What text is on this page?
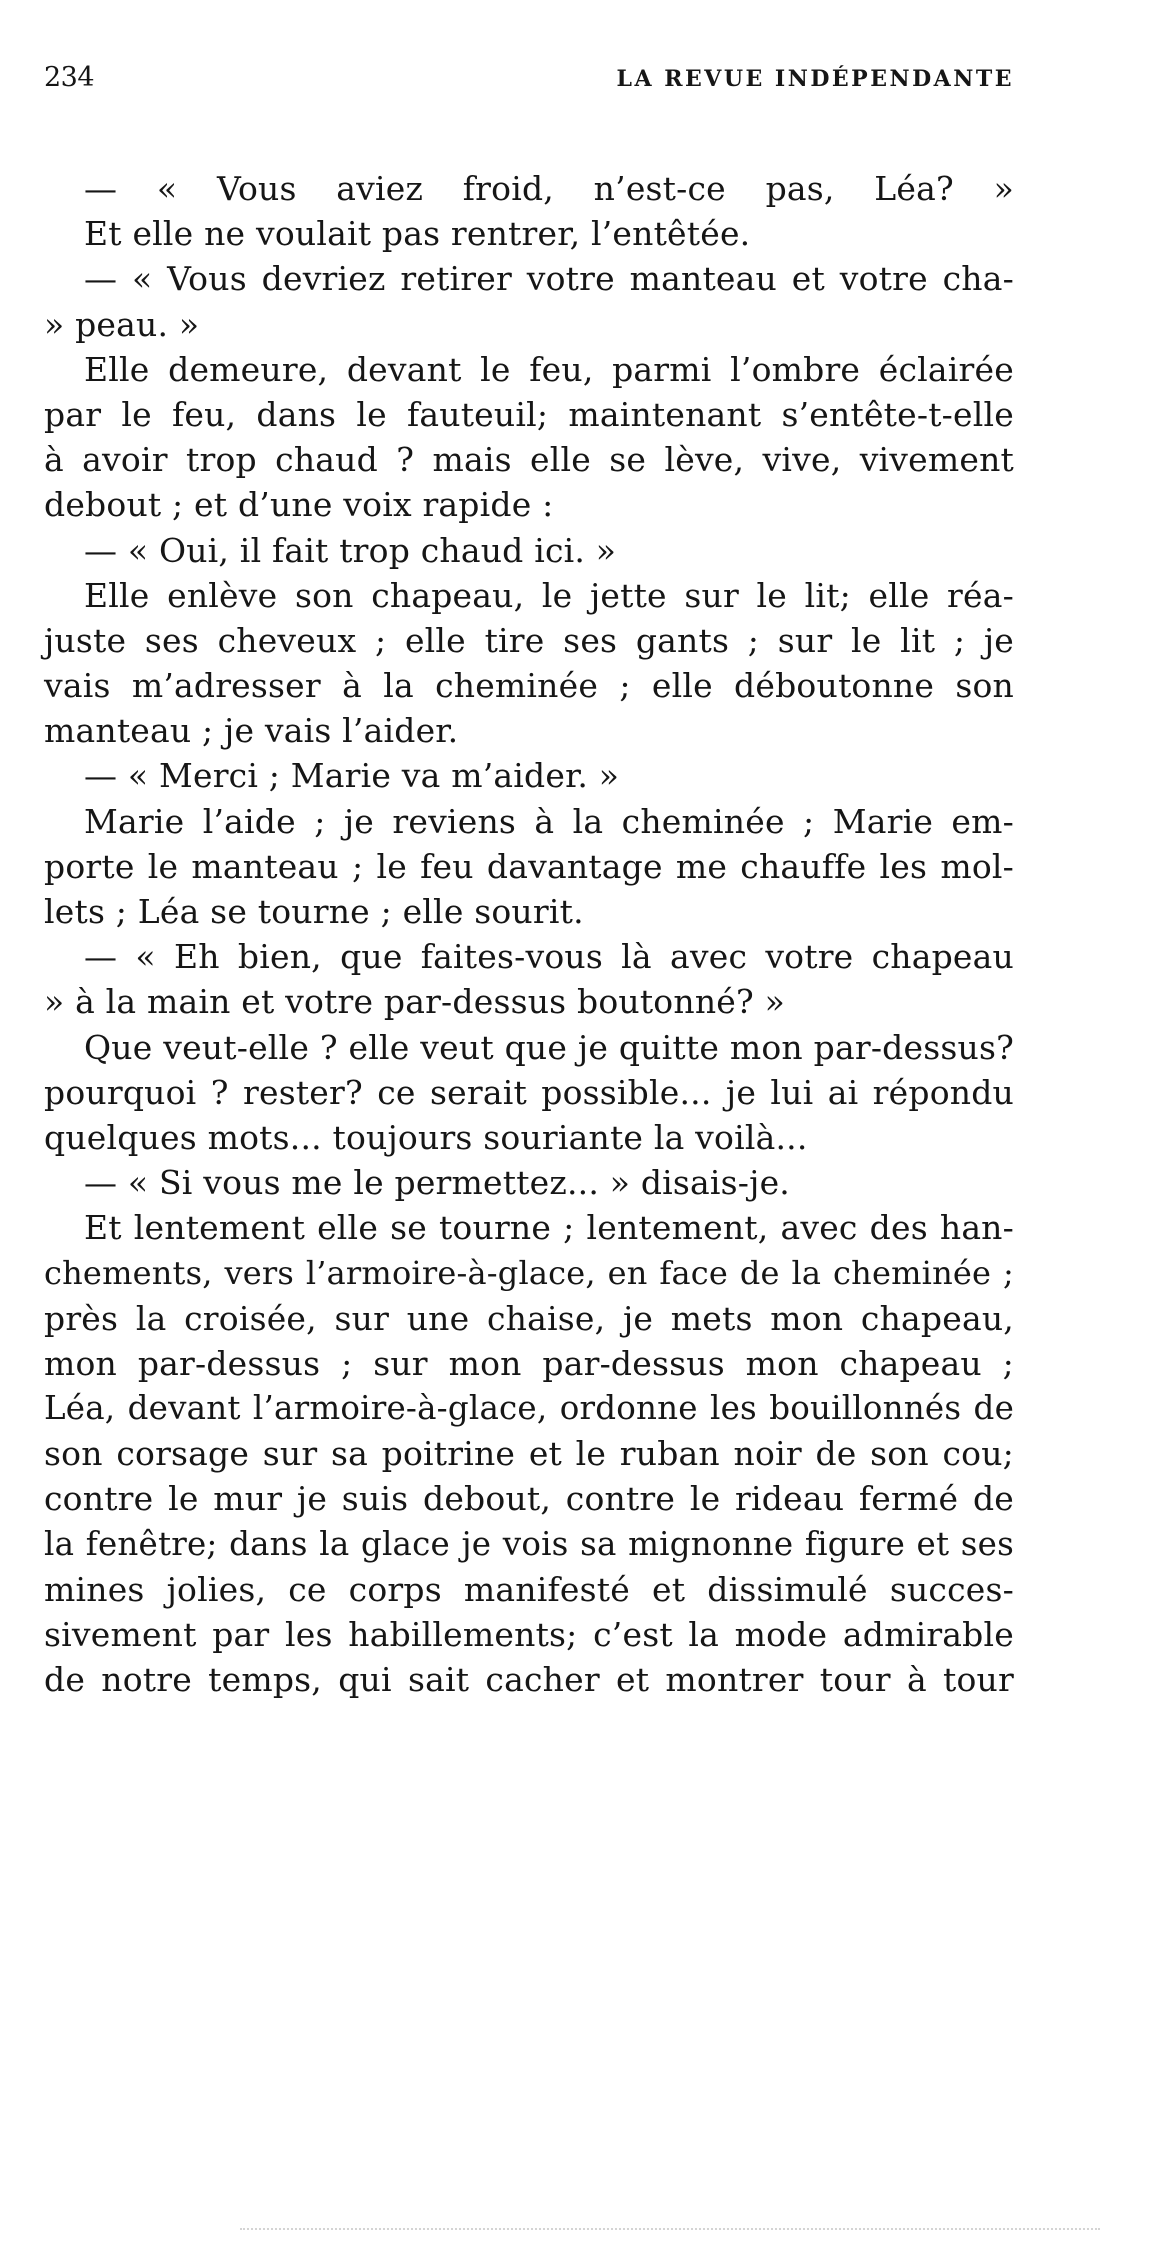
234	LA REVUE INDÉPENDANTE
— « Vous aviez froid, n’est-ce pas, Léa? »
Et elle ne voulait pas rentrer, l’entêtée.
— « Vous devriez retirer votre manteau et votre cha-
» peau. »
Elle demeure, devant le feu, parmi l’ombre éclairée
par le feu, dans le fauteuil; maintenant s’entête-t-elle
à avoir trop chaud ? mais elle se lève, vive, vivement
debout ; et d’une voix rapide :
— « Oui, il fait trop chaud ici. »
Elle enlève son chapeau, le jette sur le lit; elle réa-
juste ses cheveux ; elle tire ses gants ; sur le lit ; je
vais m’adresser à la cheminée ; elle déboutonne son
manteau ; je vais l’aider.
— « Merci ; Marie va m’aider. »
Marie l’aide ; je reviens à la cheminée ; Marie em-
porte le manteau ; le feu davantage me chauffe les mol-
lets ; Léa se tourne ; elle sourit.
— « Eh bien, que faites-vous là avec votre chapeau
» à la main et votre par-dessus boutonné? »
Que veut-elle ? elle veut que je quitte mon par-dessus?
pourquoi ? rester? ce serait possible... je lui ai répondu
quelques mots... toujours souriante la voilà...
— « Si vous me le permettez... » disais-je.
Et lentement elle se tourne ; lentement, avec des han-
chements, vers l’armoire-à-glace, en face de la cheminée ;
près la croisée, sur une chaise, je mets mon chapeau,
mon par-dessus ; sur mon par-dessus mon chapeau ;
Léa, devant l’armoire-à-glace, ordonne les bouillonnés de
son corsage sur sa poitrine et le ruban noir de son cou;
contre le mur je suis debout, contre le rideau fermé de
la fenêtre; dans la glace je vois sa mignonne figure et ses
mines jolies, ce corps manifesté et dissimulé succes-
sivement par les habillements; c’est la mode admirable
de notre temps, qui sait cacher et montrer tour à tour
